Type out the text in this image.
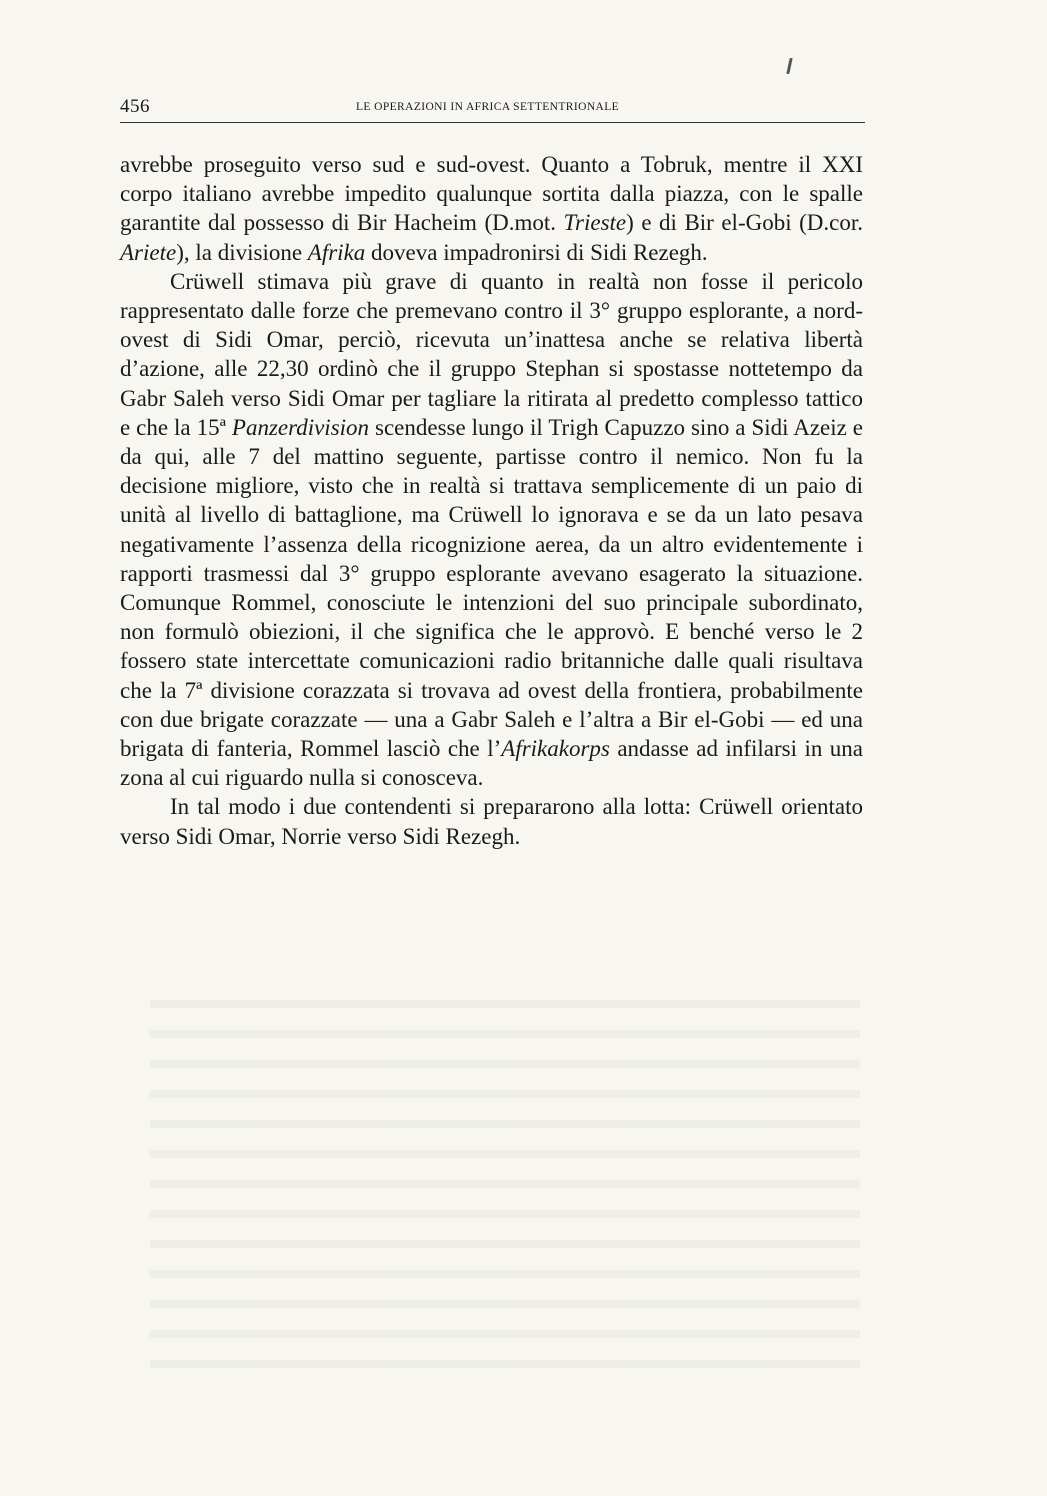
456	LE OPERAZIONI IN AFRICA SETTENTRIONALE

avrebbe proseguito verso sud e sud-ovest. Quanto a Tobruk, mentre il XXI corpo italiano avrebbe impedito qualunque sortita dalla piazza, con le spalle garantite dal possesso di Bir Hacheim (D.mot. Trieste) e di Bir el-Gobi (D.cor. Ariete), la divisione Afrika doveva impadronirsi di Sidi Rezegh.

Crüwell stimava più grave di quanto in realtà non fosse il pericolo rappresentato dalle forze che premevano contro il 3° gruppo esplorante, a nord-ovest di Sidi Omar, perciò, ricevuta un’inattesa anche se relativa libertà d’azione, alle 22,30 ordinò che il gruppo Stephan si spostasse nottetempo da Gabr Saleh verso Sidi Omar per tagliare la ritirata al predetto complesso tattico e che la 15ª Panzerdivision scendesse lungo il Trigh Capuzzo sino a Sidi Azeiz e da qui, alle 7 del mattino seguente, partisse contro il nemico. Non fu la decisione migliore, visto che in realtà si trattava semplicemente di un paio di unità al livello di battaglione, ma Crüwell lo ignorava e se da un lato pesava negativamente l’assenza della ricognizione aerea, da un altro evidentemente i rapporti trasmessi dal 3° gruppo esplorante avevano esagerato la situazione. Comunque Rommel, conosciute le intenzioni del suo principale subordinato, non formulò obiezioni, il che significa che le approvò. E benché verso le 2 fossero state intercettate comunicazioni radio britanniche dalle quali risultava che la 7ª divisione corazzata si trovava ad ovest della frontiera, probabilmente con due brigate corazzate — una a Gabr Saleh e l’altra a Bir el-Gobi — ed una brigata di fanteria, Rommel lasciò che l’Afrikakorps andasse ad infilarsi in una zona al cui riguardo nulla si conosceva.

In tal modo i due contendenti si prepararono alla lotta: Crüwell orientato verso Sidi Omar, Norrie verso Sidi Rezegh.
